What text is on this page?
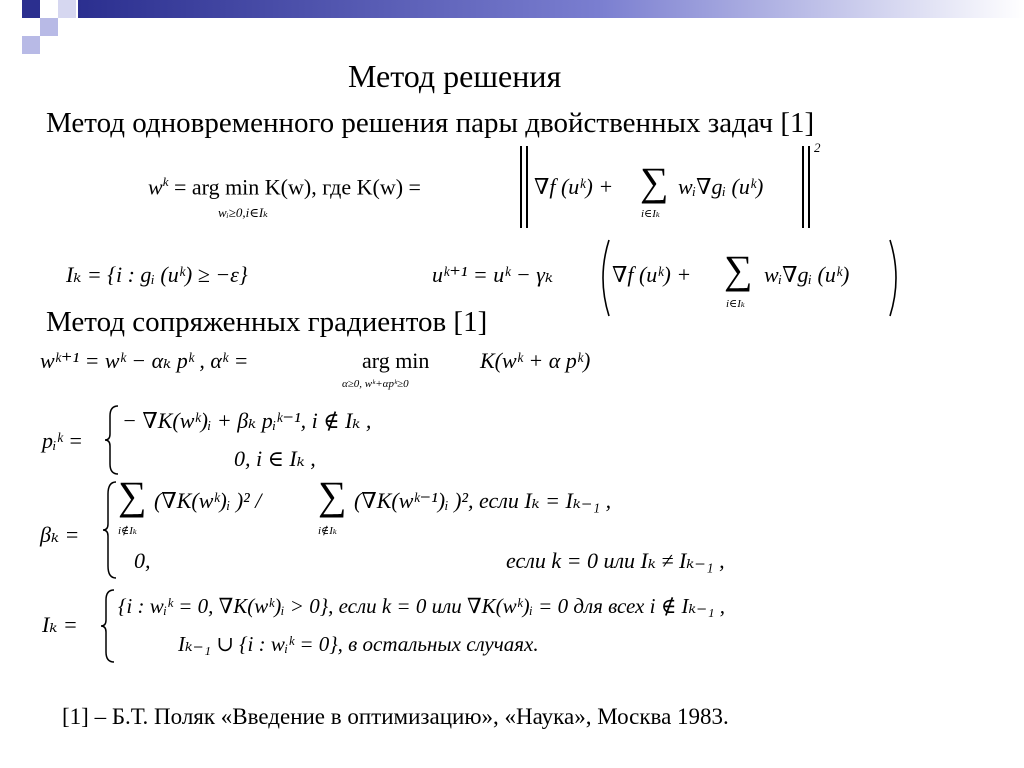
Метод решения
Метод одновременного решения пары двойственных задач [1]
$w^k$ = arg min K(w), где K(w) =
wᵢ≥0,i∈Iₖ
∇f (uᵏ) + ∑
i∈Iₖ
wᵢ∇gᵢ (uᵏ)
2
Iₖ = {i : gᵢ (uᵏ) ≥ −ε}	uᵏ⁺¹ = uᵏ − γₖ	∇f (uᵏ) + ∑
i∈Iₖ
wᵢ∇gᵢ (uᵏ)
Метод сопряженных градиентов [1]
wᵏ⁺¹ = wᵏ − αₖ pᵏ , αᵏ =	arg min
α≥0, wᵏ+αpᵏ≥0
K(wᵏ + α pᵏ)
pᵢᵏ =
− ∇K(wᵏ)ᵢ + βₖ pᵢᵏ⁻¹, i ∉ Iₖ ,
0, i ∈ Iₖ ,
βₖ =
∑
i∉Iₖ
(∇K(wᵏ)ᵢ )² / ∑
i∉Iₖ
(∇K(wᵏ⁻¹)ᵢ )², если Iₖ = Iₖ₋₁ ,
0,	если k = 0 или Iₖ ≠ Iₖ₋₁ ,
Iₖ =
{i : wᵢᵏ = 0, ∇K(wᵏ)ᵢ > 0}, если k = 0 или ∇K(wᵏ)ᵢ = 0 для всех i ∉ Iₖ₋₁ ,
Iₖ₋₁ ∪ {i : wᵢᵏ = 0}, в остальных случаях.
[1] – Б.Т. Поляк «Введение в оптимизацию», «Наука», Москва 1983.
